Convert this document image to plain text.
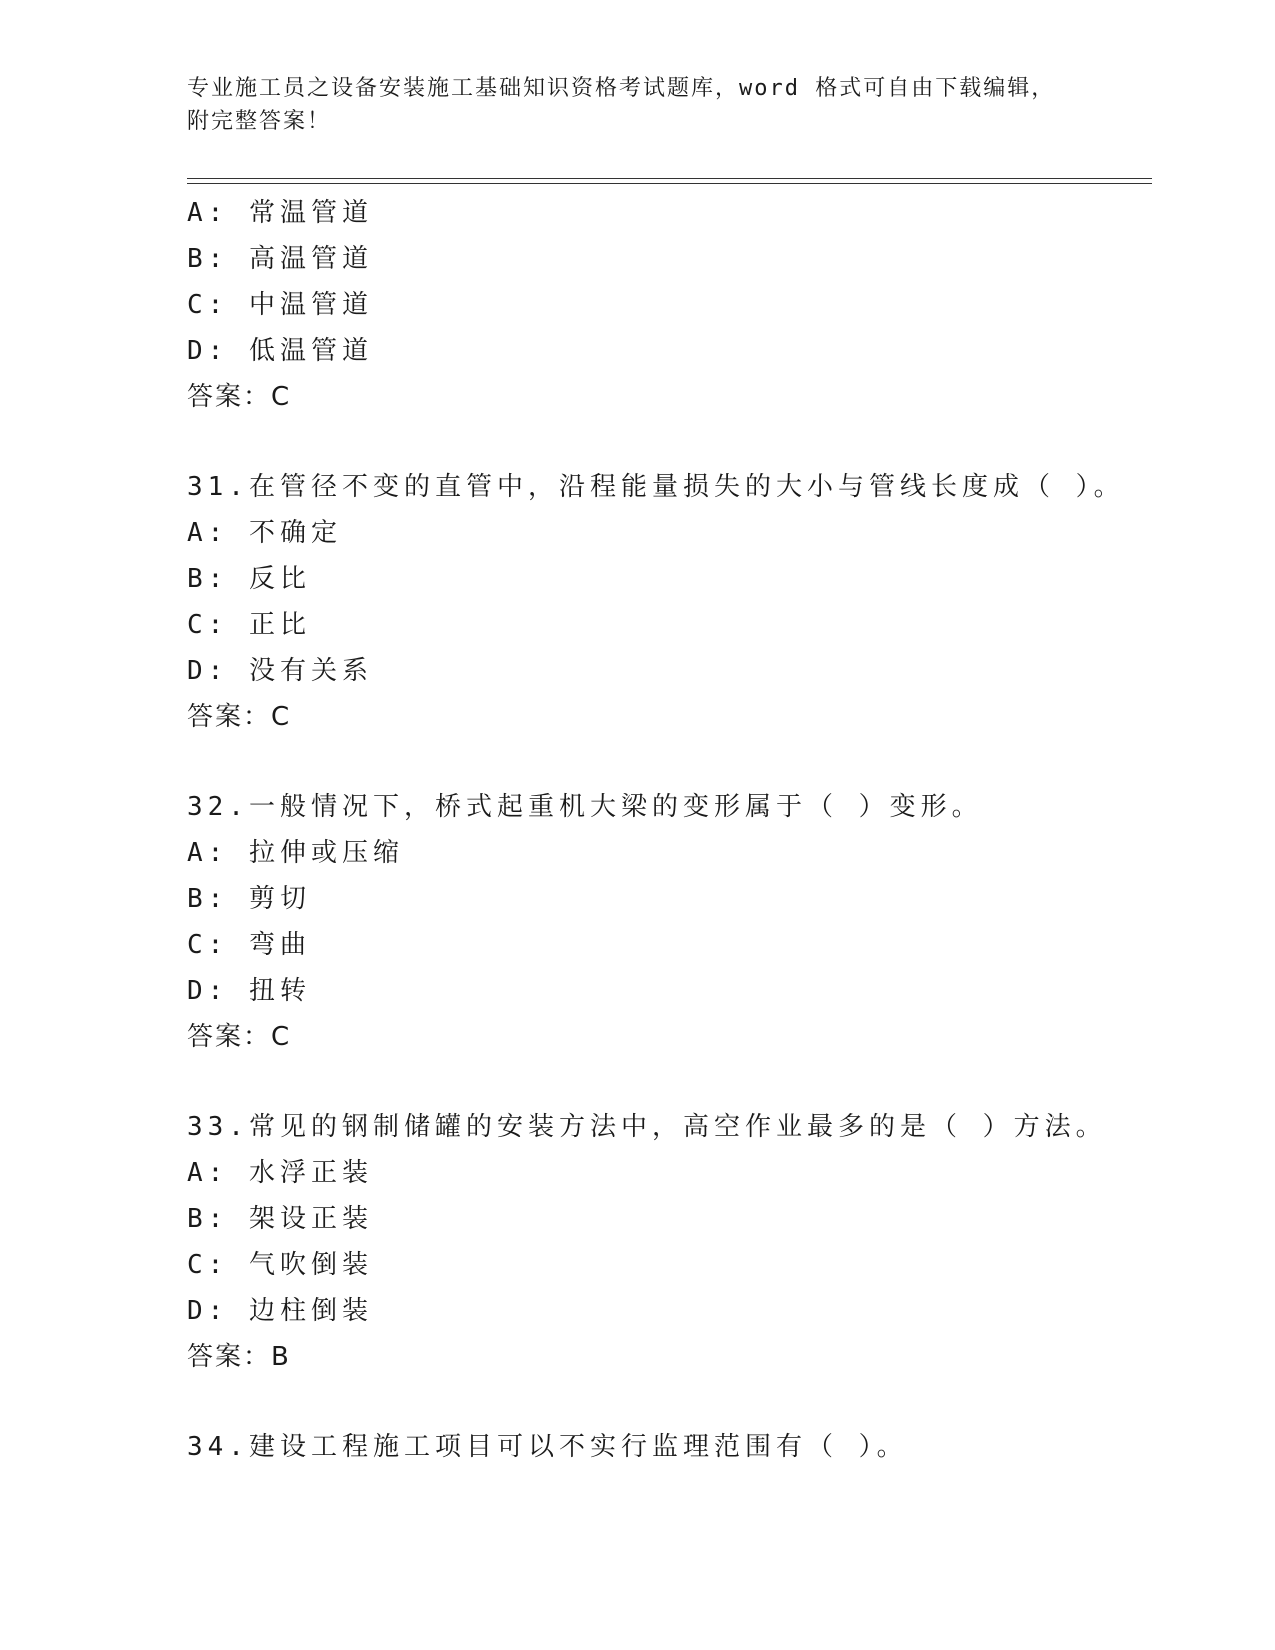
专业施工员之设备安装施工基础知识资格考试题库，word 格式可自由下载编辑，
附完整答案！
A: 常温管道
B: 高温管道
C: 中温管道
D: 低温管道
答案：C
31.在管径不变的直管中，沿程能量损失的大小与管线长度成（ ）。
A: 不确定
B: 反比
C: 正比
D: 没有关系
答案：C
32.一般情况下，桥式起重机大梁的变形属于（ ）变形。
A: 拉伸或压缩
B: 剪切
C: 弯曲
D: 扭转
答案：C
33.常见的钢制储罐的安装方法中，高空作业最多的是（ ）方法。
A: 水浮正装
B: 架设正装
C: 气吹倒装
D: 边柱倒装
答案：B
34.建设工程施工项目可以不实行监理范围有（ ）。
